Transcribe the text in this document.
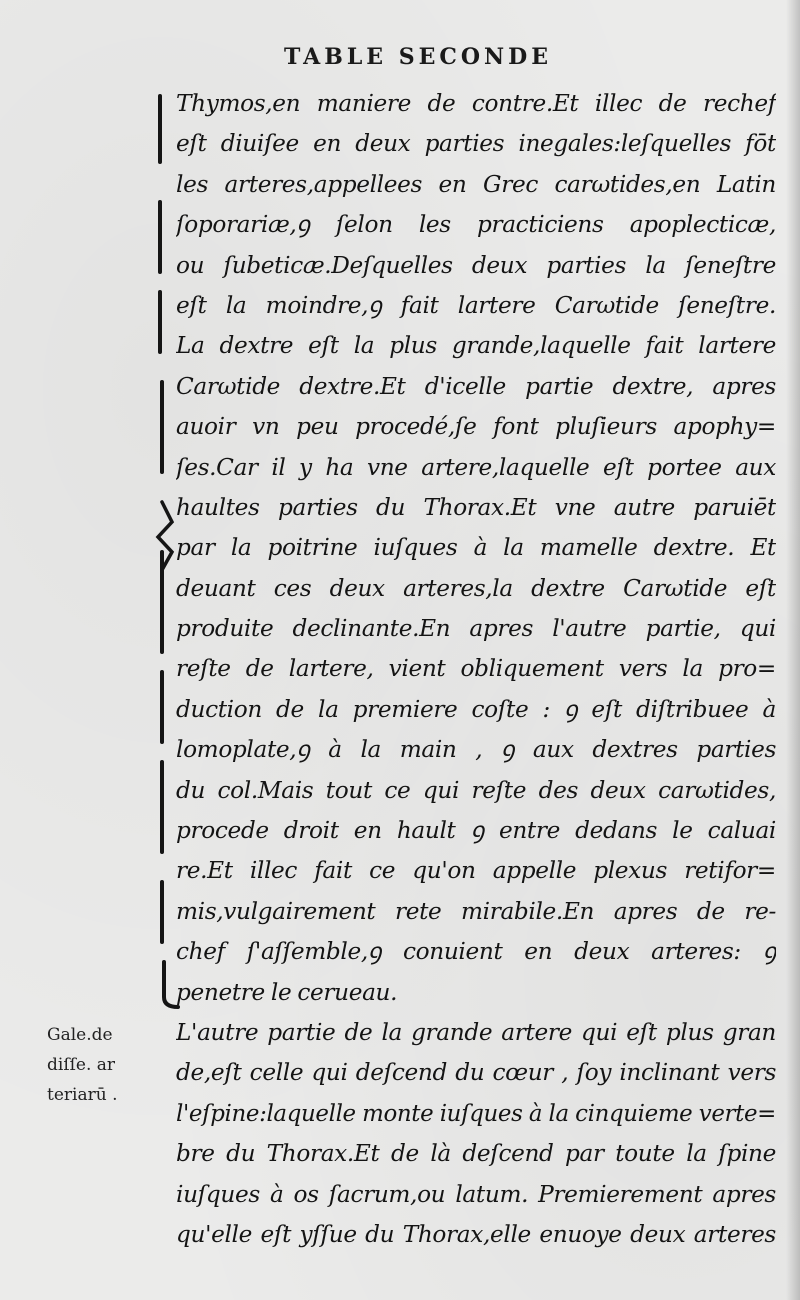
TABLE SECONDE
Thymos,en maniere de contre.Et illec de rechef
eſt diuiſee en deux parties inegales:leſquelles fōt
les arteres,appellees en Grec carωtides,en Latin
ſoporariæ,ꝯ ſelon les practiciens apoplecticæ,
ou ſubeticæ.Deſquelles deux parties la ſeneſtre
eſt la moindre,ꝯ fait lartere Carωtide ſeneſtre.
La dextre eſt la plus grande,laquelle fait lartere
Carωtide dextre.Et d'icelle partie dextre, apres
auoir vn peu procedé,ſe font pluſieurs apophy=
ſes.Car il y ha vne artere,laquelle eſt portee aux
haultes parties du Thorax.Et vne autre paruiēt
par la poitrine iuſques à la mamelle dextre. Et
deuant ces deux arteres,la dextre Carωtide eſt
produite declinante.En apres l'autre partie, qui
reſte de lartere, vient obliquement vers la pro=
duction de la premiere coſte : ꝯ eſt diſtribuee à
lomoplate,ꝯ à la main , ꝯ aux dextres parties
du col.Mais tout ce qui reſte des deux carωtides,
procede droit en hault ꝯ entre dedans le caluai
re.Et illec fait ce qu'on appelle plexus retifor=
mis,vulgairement rete mirabile.En apres de re-
chef ſ'aſſemble,ꝯ conuient en deux arteres: ꝯ
penetre le cerueau.
L'autre partie de la grande artere qui eſt plus gran
de,eſt celle qui deſcend du cœur , ſoy inclinant vers
l'eſpine:laquelle monte iuſques à la cinquieme verte=
bre du Thorax.Et de là deſcend par toute la ſpine
iuſques à os ſacrum,ou latum. Premierement apres
qu'elle eſt yſſue du Thorax,elle enuoye deux arteres
Gale.de
diſſe. ar
teriarū .
